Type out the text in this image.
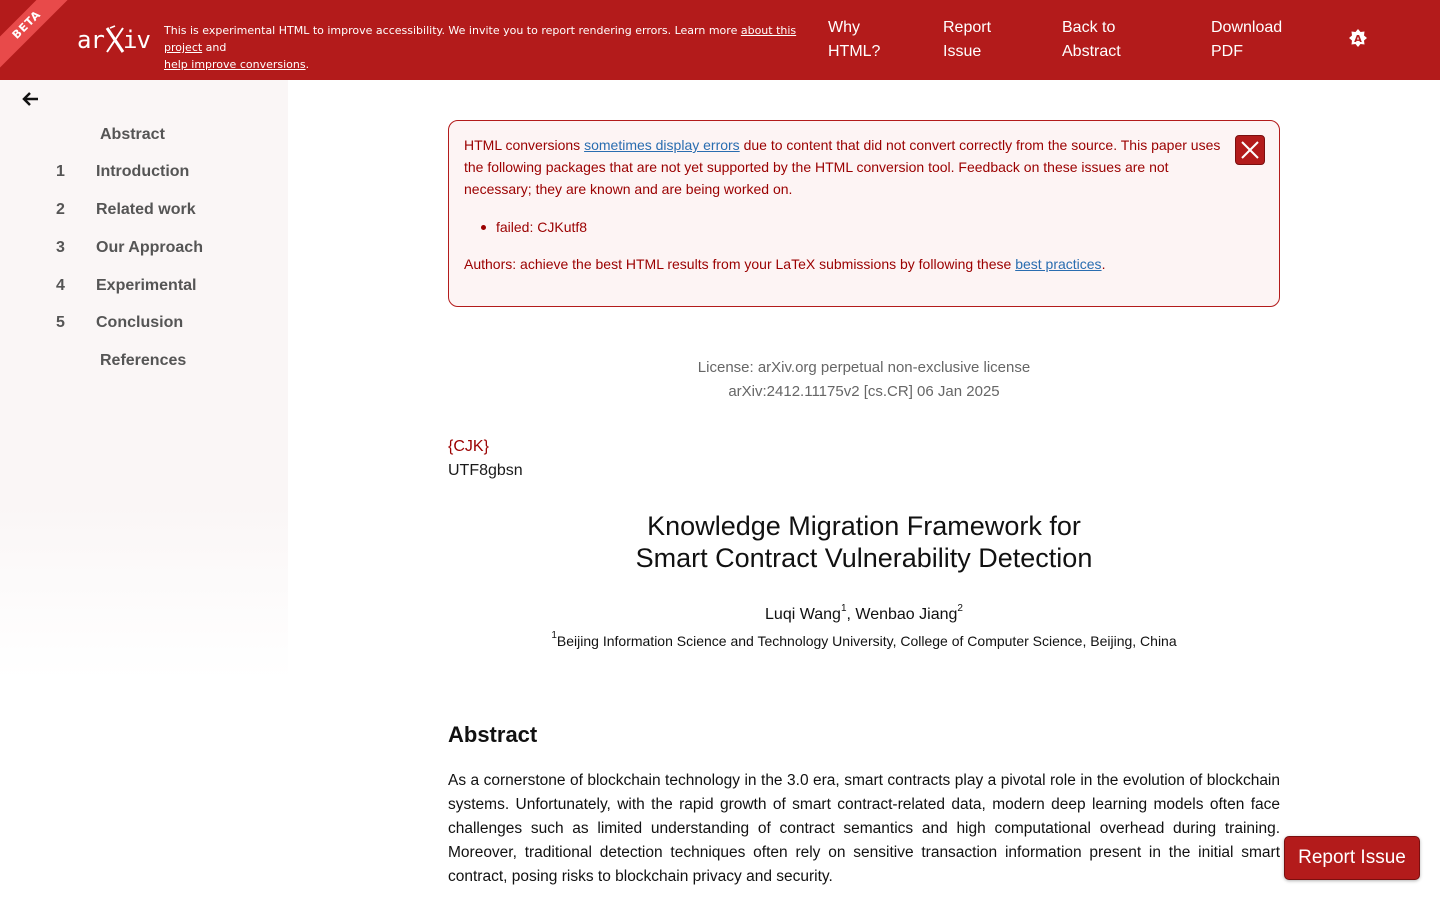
BETA	ar iv This is experimental HTML to improve accessibility. We invite you to report rendering errors. Learn more about this project and
help improve conversions.
Why
HTML?
Report
Issue
Back to
Abstract
Download
PDF
A
Abstract
1 Introduction
2 Related work
3 Our Approach
4 Experimental
5 Conclusion
References
HTML conversions sometimes display errors due to content that did not convert correctly from the source. This paper uses the following packages that are not yet supported by the HTML conversion tool. Feedback on these issues are not necessary; they are known and are being worked on.
failed: CJKutf8
Authors: achieve the best HTML results from your LaTeX submissions by following these best practices.
License: arXiv.org perpetual non-exclusive license
arXiv:2412.11175v2 [cs.CR] 06 Jan 2025
{CJK}
UTF8gbsn
Knowledge Migration Framework for
Smart Contract Vulnerability Detection
Luqi Wang$^1$, Wenbao Jiang$^2$
$^1$Beijing Information Science and Technology University, College of Computer Science, Beijing, China
Abstract
As a cornerstone of blockchain technology in the 3.0 era, smart contracts play a pivotal role in the evolution of blockchain systems. Unfortunately, with the rapid growth of smart contract-related data, modern deep learning models often face challenges such as limited understanding of contract semantics and high computational overhead during training. Moreover, traditional detection techniques often rely on sensitive transaction information present in the initial smart contract, posing risks to blockchain privacy and security.
Report Issue
